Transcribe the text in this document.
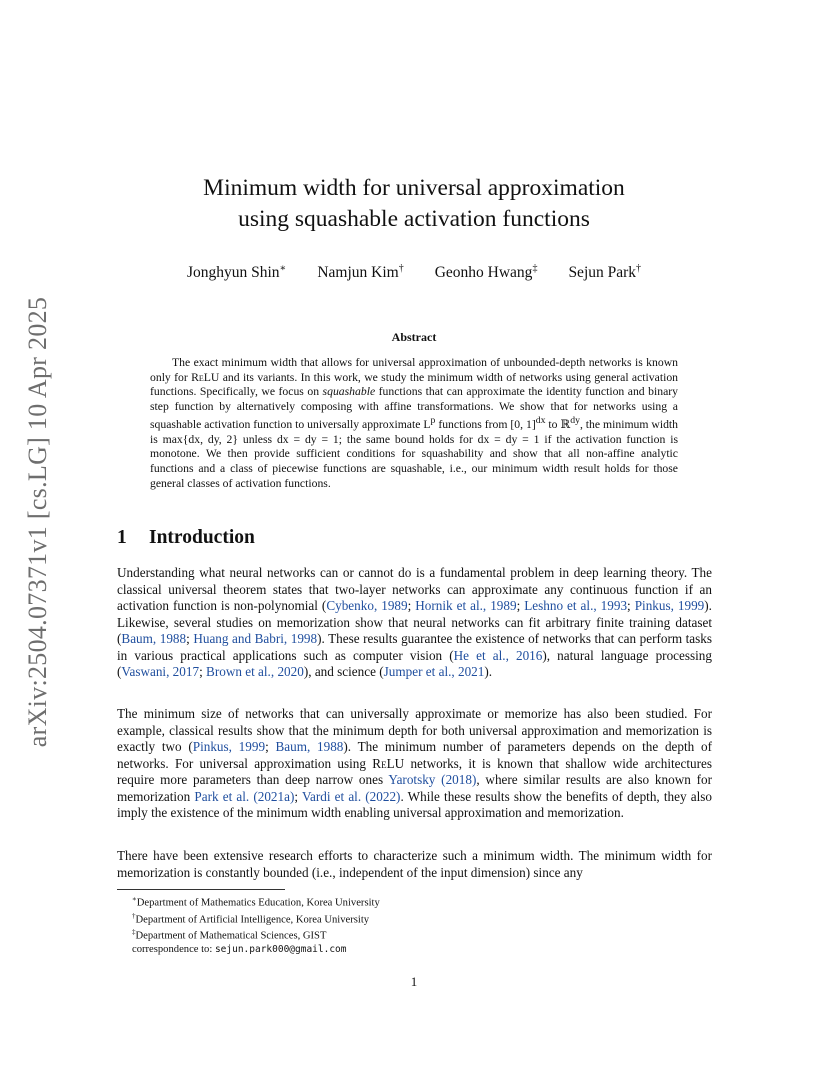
arXiv:2504.07371v1 [cs.LG] 10 Apr 2025
Minimum width for universal approximation
using squashable activation functions
Jonghyun Shin∗ Namjun Kim† Geonho Hwang‡ Sejun Park†
Abstract
The exact minimum width that allows for universal approximation of unbounded-depth networks is known only for ReLU and its variants. In this work, we study the minimum width of networks using general activation functions. Specifically, we focus on squashable functions that can approximate the identity function and binary step function by alternatively composing with affine transformations. We show that for networks using a squashable activation function to universally approximate $L^p$ functions from [0, 1]$^{dx}$ to ℝ$^{dy}$, the minimum width is max{dx, dy, 2} unless dx = dy = 1; the same bound holds for dx = dy = 1 if the activation function is monotone. We then provide sufficient conditions for squashability and show that all non-affine analytic functions and a class of piecewise functions are squashable, i.e., our minimum width result holds for those general classes of activation functions.
1 Introduction
Understanding what neural networks can or cannot do is a fundamental problem in deep learning theory. The classical universal theorem states that two-layer networks can approximate any continuous function if an activation function is non-polynomial (Cybenko, 1989; Hornik et al., 1989; Leshno et al., 1993; Pinkus, 1999). Likewise, several studies on memorization show that neural networks can fit arbitrary finite training dataset (Baum, 1988; Huang and Babri, 1998). These results guarantee the existence of networks that can perform tasks in various practical applications such as computer vision (He et al., 2016), natural language processing (Vaswani, 2017; Brown et al., 2020), and science (Jumper et al., 2021).
The minimum size of networks that can universally approximate or memorize has also been studied. For example, classical results show that the minimum depth for both universal approximation and memorization is exactly two (Pinkus, 1999; Baum, 1988). The minimum number of parameters depends on the depth of networks. For universal approximation using ReLU networks, it is known that shallow wide architectures require more parameters than deep narrow ones Yarotsky (2018), where similar results are also known for memorization Park et al. (2021a); Vardi et al. (2022). While these results show the benefits of depth, they also imply the existence of the minimum width enabling universal approximation and memorization.
There have been extensive research efforts to characterize such a minimum width. The minimum width for memorization is constantly bounded (i.e., independent of the input dimension) since any
∗Department of Mathematics Education, Korea University
†Department of Artificial Intelligence, Korea University
‡Department of Mathematical Sciences, GIST
correspondence to: sejun.park000@gmail.com
1
